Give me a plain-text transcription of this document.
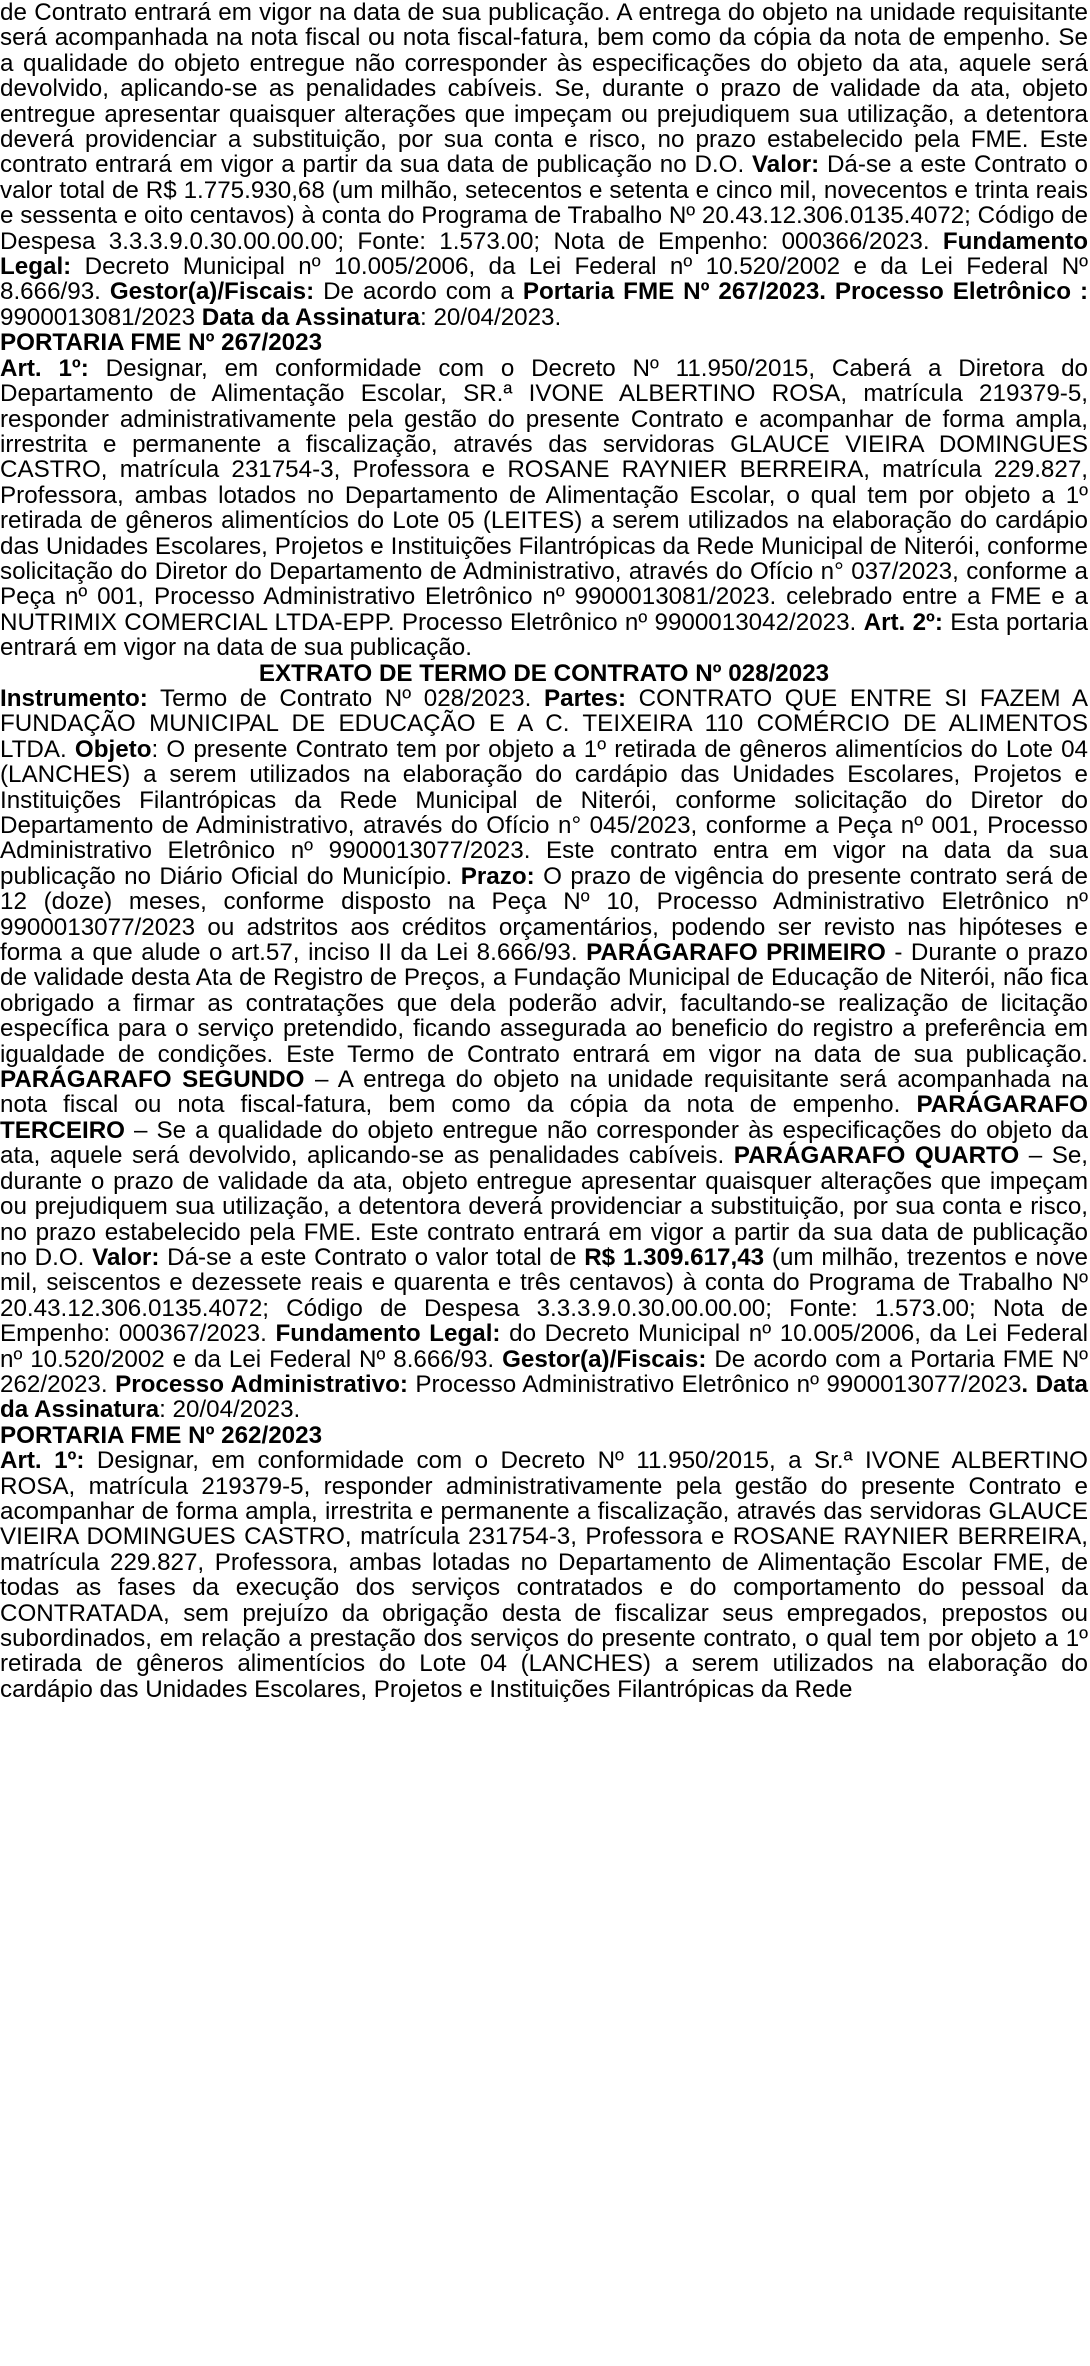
de Contrato entrará em vigor na data de sua publicação. A entrega do objeto na unidade requisitante será acompanhada na nota fiscal ou nota fiscal-fatura, bem como da cópia da nota de empenho. Se a qualidade do objeto entregue não corresponder às especificações do objeto da ata, aquele será devolvido, aplicando-se as penalidades cabíveis. Se, durante o prazo de validade da ata, objeto entregue apresentar quaisquer alterações que impeçam ou prejudiquem sua utilização, a detentora deverá providenciar a substituição, por sua conta e risco, no prazo estabelecido pela FME. Este contrato entrará em vigor a partir da sua data de publicação no D.O. Valor: Dá-se a este Contrato o valor total de R$ 1.775.930,68 (um milhão, setecentos e setenta e cinco mil, novecentos e trinta reais e sessenta e oito centavos) à conta do Programa de Trabalho Nº 20.43.12.306.0135.4072; Código de Despesa 3.3.3.9.0.30.00.00.00; Fonte: 1.573.00; Nota de Empenho: 000366/2023. Fundamento Legal: Decreto Municipal nº 10.005/2006, da Lei Federal nº 10.520/2002 e da Lei Federal Nº 8.666/93. Gestor(a)/Fiscais: De acordo com a Portaria FME Nº 267/2023. Processo Eletrônico : 9900013081/2023 Data da Assinatura: 20/04/2023.

PORTARIA FME Nº 267/2023

Art. 1º: Designar, em conformidade com o Decreto Nº 11.950/2015, Caberá a Diretora do Departamento de Alimentação Escolar, SR.ª IVONE ALBERTINO ROSA, matrícula 219379-5, responder administrativamente pela gestão do presente Contrato e acompanhar de forma ampla, irrestrita e permanente a fiscalização, através das servidoras GLAUCE VIEIRA DOMINGUES CASTRO, matrícula 231754-3, Professora e ROSANE RAYNIER BERREIRA, matrícula 229.827, Professora, ambas lotados no Departamento de Alimentação Escolar, o qual tem por objeto a 1º retirada de gêneros alimentícios do Lote 05 (LEITES) a serem utilizados na elaboração do cardápio das Unidades Escolares, Projetos e Instituições Filantrópicas da Rede Municipal de Niterói, conforme solicitação do Diretor do Departamento de Administrativo, através do Ofício n° 037/2023, conforme a Peça nº 001, Processo Administrativo Eletrônico nº 9900013081/2023. celebrado entre a FME e a NUTRIMIX COMERCIAL LTDA-EPP. Processo Eletrônico nº 9900013042/2023. Art. 2º: Esta portaria entrará em vigor na data de sua publicação.

EXTRATO DE TERMO DE CONTRATO Nº 028/2023

Instrumento: Termo de Contrato Nº 028/2023. Partes: CONTRATO QUE ENTRE SI FAZEM A FUNDAÇÃO MUNICIPAL DE EDUCAÇÃO E A C. TEIXEIRA 110 COMÉRCIO DE ALIMENTOS LTDA. Objeto: O presente Contrato tem por objeto a 1º retirada de gêneros alimentícios do Lote 04 (LANCHES) a serem utilizados na elaboração do cardápio das Unidades Escolares, Projetos e Instituições Filantrópicas da Rede Municipal de Niterói, conforme solicitação do Diretor do Departamento de Administrativo, através do Ofício n° 045/2023, conforme a Peça nº 001, Processo Administrativo Eletrônico nº 9900013077/2023. Este contrato entra em vigor na data da sua publicação no Diário Oficial do Município. Prazo: O prazo de vigência do presente contrato será de 12 (doze) meses, conforme disposto na Peça Nº 10, Processo Administrativo Eletrônico nº 9900013077/2023 ou adstritos aos créditos orçamentários, podendo ser revisto nas hipóteses e forma a que alude o art.57, inciso II da Lei 8.666/93. PARÁGARAFO PRIMEIRO - Durante o prazo de validade desta Ata de Registro de Preços, a Fundação Municipal de Educação de Niterói, não fica obrigado a firmar as contratações que dela poderão advir, facultando-se realização de licitação específica para o serviço pretendido, ficando assegurada ao beneficio do registro a preferência em igualdade de condições. Este Termo de Contrato entrará em vigor na data de sua publicação. PARÁGARAFO SEGUNDO – A entrega do objeto na unidade requisitante será acompanhada na nota fiscal ou nota fiscal-fatura, bem como da cópia da nota de empenho. PARÁGARAFO TERCEIRO – Se a qualidade do objeto entregue não corresponder às especificações do objeto da ata, aquele será devolvido, aplicando-se as penalidades cabíveis. PARÁGARAFO QUARTO – Se, durante o prazo de validade da ata, objeto entregue apresentar quaisquer alterações que impeçam ou prejudiquem sua utilização, a detentora deverá providenciar a substituição, por sua conta e risco, no prazo estabelecido pela FME. Este contrato entrará em vigor a partir da sua data de publicação no D.O. Valor: Dá-se a este Contrato o valor total de R$ 1.309.617,43 (um milhão, trezentos e nove mil, seiscentos e dezessete reais e quarenta e três centavos) à conta do Programa de Trabalho Nº 20.43.12.306.0135.4072; Código de Despesa 3.3.3.9.0.30.00.00.00; Fonte: 1.573.00; Nota de Empenho: 000367/2023. Fundamento Legal: do Decreto Municipal nº 10.005/2006, da Lei Federal nº 10.520/2002 e da Lei Federal Nº 8.666/93. Gestor(a)/Fiscais: De acordo com a Portaria FME Nº 262/2023. Processo Administrativo: Processo Administrativo Eletrônico nº 9900013077/2023. Data da Assinatura: 20/04/2023.

PORTARIA FME Nº 262/2023

Art. 1º: Designar, em conformidade com o Decreto Nº 11.950/2015, a Sr.ª IVONE ALBERTINO ROSA, matrícula 219379-5, responder administrativamente pela gestão do presente Contrato e acompanhar de forma ampla, irrestrita e permanente a fiscalização, através das servidoras GLAUCE VIEIRA DOMINGUES CASTRO, matrícula 231754-3, Professora e ROSANE RAYNIER BERREIRA, matrícula 229.827, Professora, ambas lotadas no Departamento de Alimentação Escolar FME, de todas as fases da execução dos serviços contratados e do comportamento do pessoal da CONTRATADA, sem prejuízo da obrigação desta de fiscalizar seus empregados, prepostos ou subordinados, em relação a prestação dos serviços do presente contrato, o qual tem por objeto a 1º retirada de gêneros alimentícios do Lote 04 (LANCHES) a serem utilizados na elaboração do cardápio das Unidades Escolares, Projetos e Instituições Filantrópicas da Rede
